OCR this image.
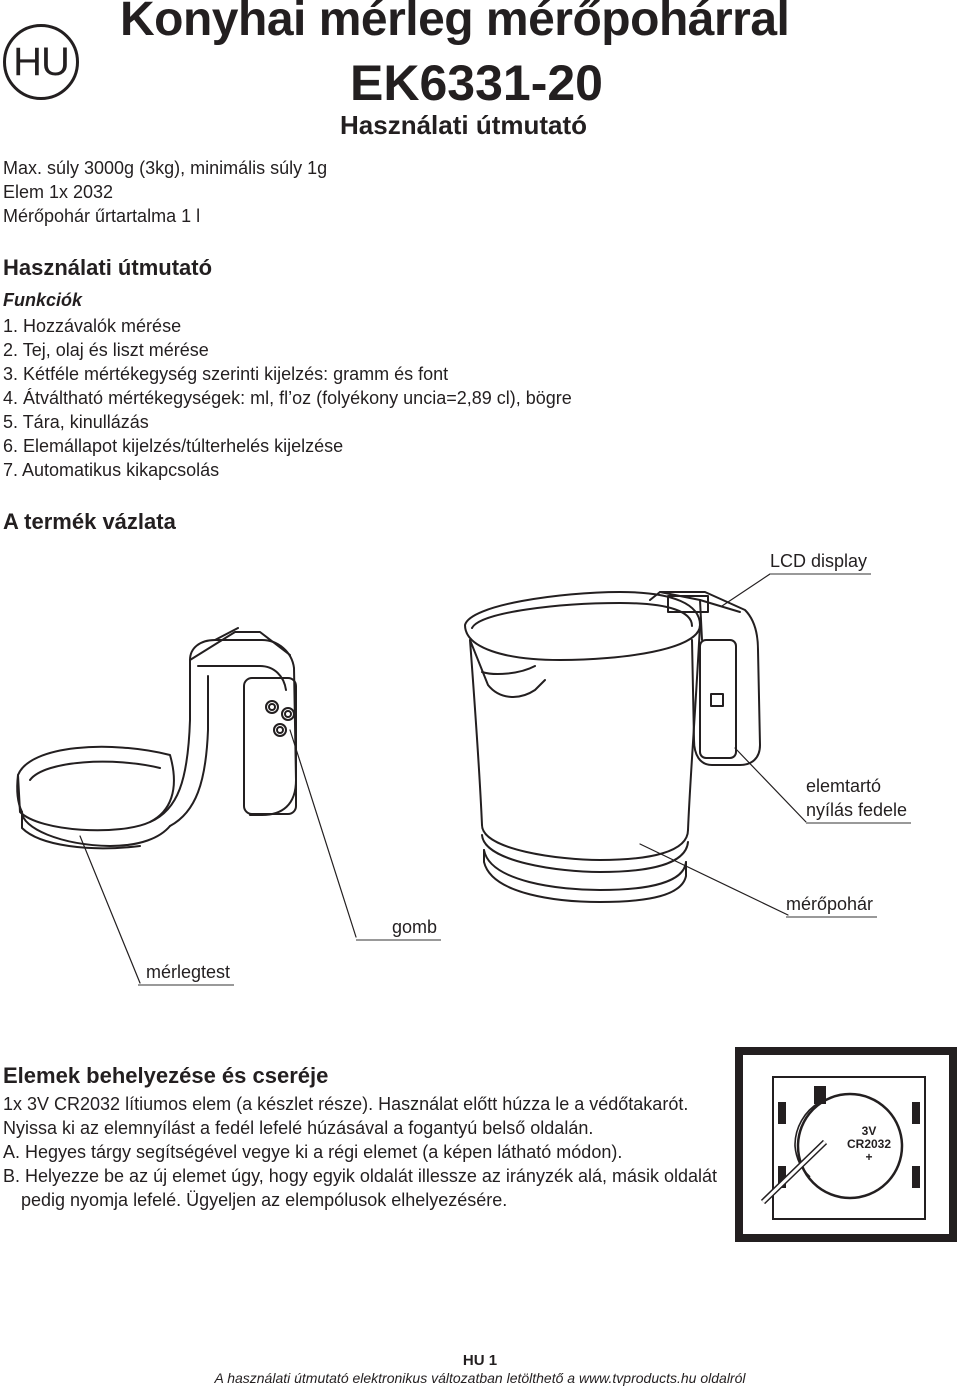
HU
Konyhai mérleg mérőpohárral
EK6331-20
Használati útmutató
Max. súly 3000g (3kg), minimális súly 1g
Elem 1x 2032
Mérőpohár űrtartalma 1 l
Használati útmutató
Funkciók
1. Hozzávalók mérése
2. Tej, olaj és liszt mérése
3. Kétféle mértékegység szerinti kijelzés: gramm és font
4. Átváltható mértékegységek: ml, fl’oz (folyékony uncia=2,89 cl), bögre
5. Tára, kinullázás
6. Elemállapot kijelzés/túlterhelés kijelzése
7. Automatikus kikapcsolás
A termék vázlata
LCD display
elemtartó
nyílás fedele
mérőpohár
gomb
mérlegtest
Elemek behelyezése és cseréje
1x 3V CR2032 lítiumos elem (a készlet része). Használat előtt húzza le a védőtakarót.
Nyissa ki az elemnyílást a fedél lefelé húzásával a fogantyú belső oldalán.
A. Hegyes tárgy segítségével vegye ki a régi elemet (a képen látható módon).
B. Helyezze be az új elemet úgy, hogy egyik oldalát illessze az irányzék alá, másik oldalát
pedig nyomja lefelé. Ügyeljen az elempólusok elhelyezésére.
3V
CR2032
+
HU 1
A használati útmutató elektronikus változatban letölthető a www.tvproducts.hu oldalról
